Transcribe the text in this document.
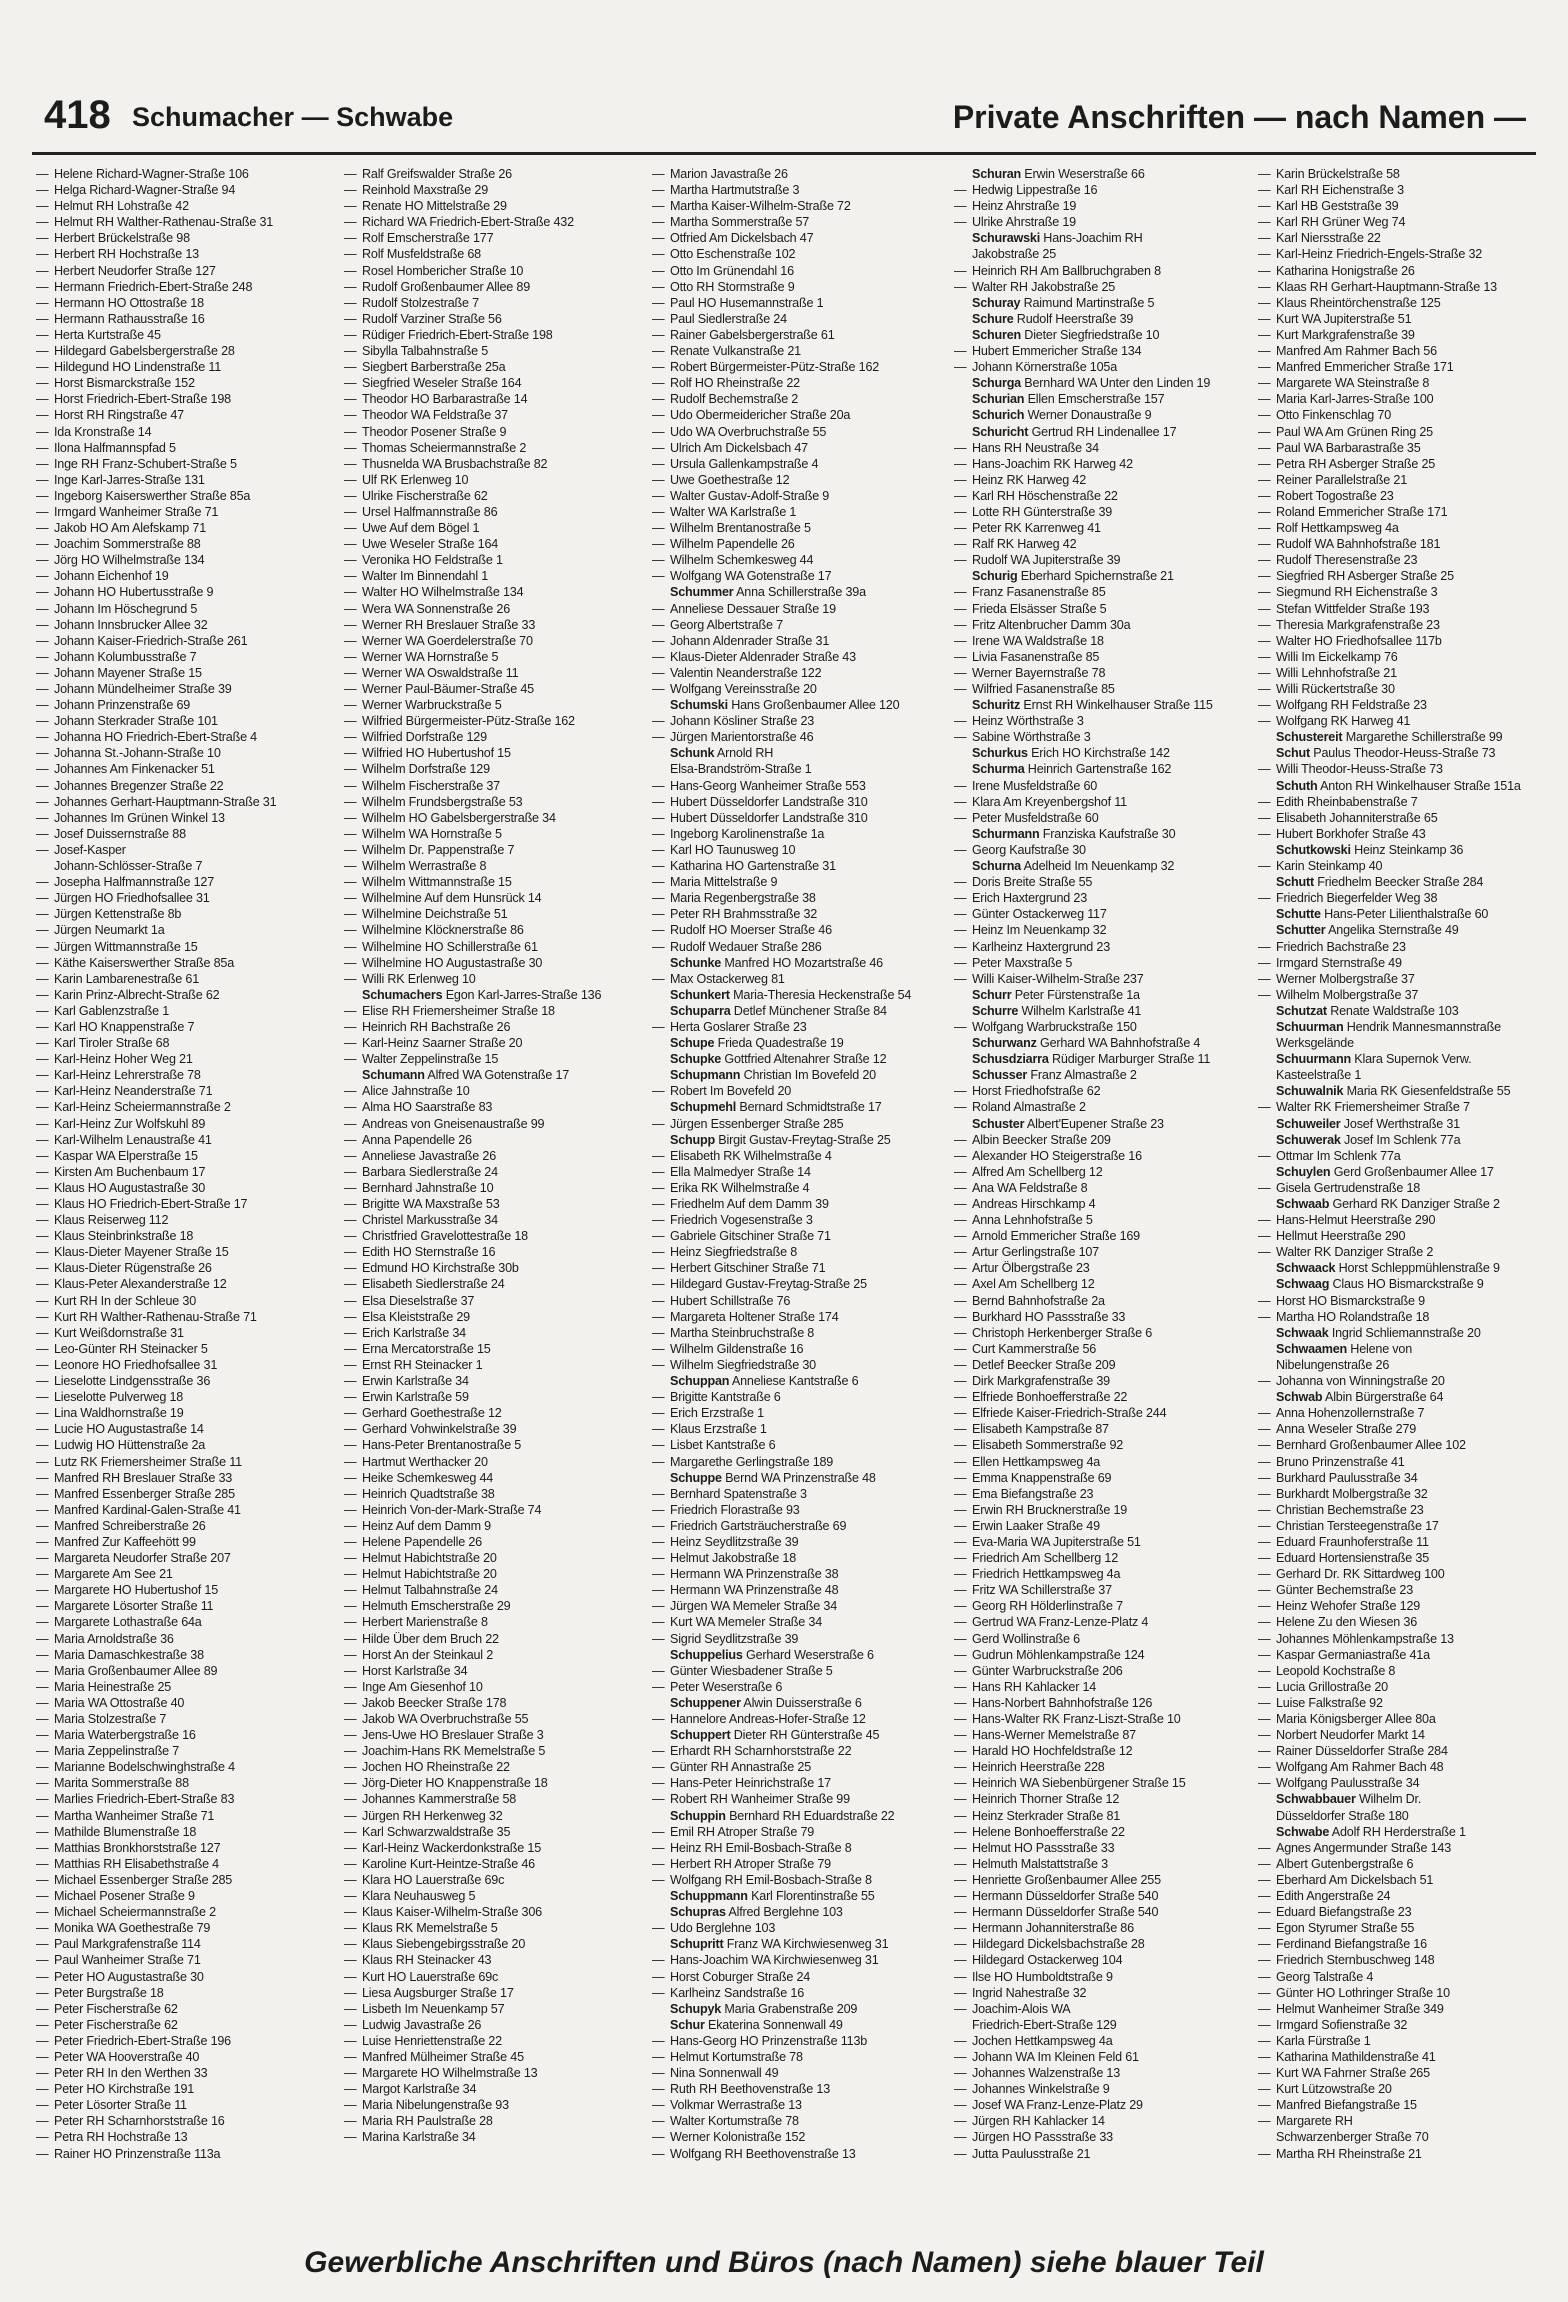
418 Schumacher — Schwabe	Private Anschriften — nach Namen —
— Helene Richard-Wagner-Straße 106
— Helga Richard-Wagner-Straße 94
— Helmut RH Lohstraße 42
— Helmut RH Walther-Rathenau-Straße 31
— Herbert Brückelstraße 98
— Herbert RH Hochstraße 13
— Herbert Neudorfer Straße 127
— Hermann Friedrich-Ebert-Straße 248
— Hermann HO Ottostraße 18
— Hermann Rathausstraße 16
— Herta Kurtstraße 45
— Hildegard Gabelsbergerstraße 28
— Hildegund HO Lindenstraße 11
— Horst Bismarckstraße 152
— Horst Friedrich-Ebert-Straße 198
— Horst RH Ringstraße 47
— Ida Kronstraße 14
— Ilona Halfmannspfad 5
— Inge RH Franz-Schubert-Straße 5
— Inge Karl-Jarres-Straße 131
— Ingeborg Kaiserswerther Straße 85a
— Irmgard Wanheimer Straße 71
— Jakob HO Am Alefskamp 71
— Joachim Sommerstraße 88
— Jörg HO Wilhelmstraße 134
— Johann Eichenhof 19
— Johann HO Hubertusstraße 9
— Johann Im Höschegrund 5
— Johann Innsbrucker Allee 32
— Johann Kaiser-Friedrich-Straße 261
— Johann Kolumbusstraße 7
— Johann Mayener Straße 15
— Johann Mündelheimer Straße 39
— Johann Prinzenstraße 69
— Johann Sterkrader Straße 101
— Johanna HO Friedrich-Ebert-Straße 4
— Johanna St.-Johann-Straße 10
— Johannes Am Finkenacker 51
— Johannes Bregenzer Straße 22
— Johannes Gerhart-Hauptmann-Straße 31
— Johannes Im Grünen Winkel 13
— Josef Duissernstraße 88
— Josef-Kasper
Johann-Schlösser-Straße 7
— Josepha Halfmannstraße 127
— Jürgen HO Friedhofsallee 31
— Jürgen Kettenstraße 8b
— Jürgen Neumarkt 1a
— Jürgen Wittmannstraße 15
— Käthe Kaiserswerther Straße 85a
— Karin Lambarenestraße 61
— Karin Prinz-Albrecht-Straße 62
— Karl Gablenzstraße 1
— Karl HO Knappenstraße 7
— Karl Tiroler Straße 68
— Karl-Heinz Hoher Weg 21
— Karl-Heinz Lehrerstraße 78
— Karl-Heinz Neanderstraße 71
— Karl-Heinz Scheiermannstraße 2
— Karl-Heinz Zur Wolfskuhl 89
— Karl-Wilhelm Lenaustraße 41
— Kaspar WA Elperstraße 15
— Kirsten Am Buchenbaum 17
— Klaus HO Augustastraße 30
— Klaus HO Friedrich-Ebert-Straße 17
— Klaus Reiserweg 112
— Klaus Steinbrinkstraße 18
— Klaus-Dieter Mayener Straße 15
— Klaus-Dieter Rügenstraße 26
— Klaus-Peter Alexanderstraße 12
— Kurt RH In der Schleue 30
— Kurt RH Walther-Rathenau-Straße 71
— Kurt Weißdornstraße 31
— Leo-Günter RH Steinacker 5
— Leonore HO Friedhofsallee 31
— Lieselotte Lindgensstraße 36
— Lieselotte Pulverweg 18
— Lina Waldhornstraße 19
— Lucie HO Augustastraße 14
— Ludwig HO Hüttenstraße 2a
— Lutz RK Friemersheimer Straße 11
— Manfred RH Breslauer Straße 33
— Manfred Essenberger Straße 285
— Manfred Kardinal-Galen-Straße 41
— Manfred Schreiberstraße 26
— Manfred Zur Kaffeehött 99
— Margareta Neudorfer Straße 207
— Margarete Am See 21
— Margarete HO Hubertushof 15
— Margarete Lösorter Straße 11
— Margarete Lothastraße 64a
— Maria Arnoldstraße 36
— Maria Damaschkestraße 38
— Maria Großenbaumer Allee 89
— Maria Heinestraße 25
— Maria WA Ottostraße 40
— Maria Stolzestraße 7
— Maria Waterbergstraße 16
— Maria Zeppelinstraße 7
— Marianne Bodelschwinghstraße 4
— Marita Sommerstraße 88
— Marlies Friedrich-Ebert-Straße 83
— Martha Wanheimer Straße 71
— Mathilde Blumenstraße 18
— Matthias Bronkhorststraße 127
— Matthias RH Elisabethstraße 4
— Michael Essenberger Straße 285
— Michael Posener Straße 9
— Michael Scheiermannstraße 2
— Monika WA Goethestraße 79
— Paul Markgrafenstraße 114
— Paul Wanheimer Straße 71
— Peter HO Augustastraße 30
— Peter Burgstraße 18
— Peter Fischerstraße 62
— Peter Fischerstraße 62
— Peter Friedrich-Ebert-Straße 196
— Peter WA Hooverstraße 40
— Peter RH In den Werthen 33
— Peter HO Kirchstraße 191
— Peter Lösorter Straße 11
— Peter RH Scharnhorststraße 16
— Petra RH Hochstraße 13
— Rainer HO Prinzenstraße 113a
— Ralf Greifswalder Straße 26
— Reinhold Maxstraße 29
— Renate HO Mittelstraße 29
— Richard WA Friedrich-Ebert-Straße 432
— Rolf Emscherstraße 177
— Rolf Musfeldstraße 68
— Rosel Hombericher Straße 10
— Rudolf Großenbaumer Allee 89
— Rudolf Stolzestraße 7
— Rudolf Varziner Straße 56
— Rüdiger Friedrich-Ebert-Straße 198
— Sibylla Talbahnstraße 5
— Siegbert Barberstraße 25a
— Siegfried Weseler Straße 164
— Theodor HO Barbarastraße 14
— Theodor WA Feldstraße 37
— Theodor Posener Straße 9
— Thomas Scheiermannstraße 2
— Thusnelda WA Brusbachstraße 82
— Ulf RK Erlenweg 10
— Ulrike Fischerstraße 62
— Ursel Halfmannstraße 86
— Uwe Auf dem Bögel 1
— Uwe Weseler Straße 164
— Veronika HO Feldstraße 1
— Walter Im Binnendahl 1
— Walter HO Wilhelmstraße 134
— Wera WA Sonnenstraße 26
— Werner RH Breslauer Straße 33
— Werner WA Goerdelerstraße 70
— Werner WA Hornstraße 5
— Werner WA Oswaldstraße 11
— Werner Paul-Bäumer-Straße 45
— Werner Warbruckstraße 5
— Wilfried Bürgermeister-Pütz-Straße 162
— Wilfried Dorfstraße 129
— Wilfried HO Hubertushof 15
— Wilhelm Dorfstraße 129
— Wilhelm Fischerstraße 37
— Wilhelm Frundsbergstraße 53
— Wilhelm HO Gabelsbergerstraße 34
— Wilhelm WA Hornstraße 5
— Wilhelm Dr. Pappenstraße 7
— Wilhelm Werrastraße 8
— Wilhelm Wittmannstraße 15
— Wilhelmine Auf dem Hunsrück 14
— Wilhelmine Deichstraße 51
— Wilhelmine Klöcknerstraße 86
— Wilhelmine HO Schillerstraße 61
— Wilhelmine HO Augustastraße 30
— Willi RK Erlenweg 10
Schumachers Egon Karl-Jarres-Straße 136
— Elise RH Friemersheimer Straße 18
— Heinrich RH Bachstraße 26
— Karl-Heinz Saarner Straße 20
— Walter Zeppelinstraße 15
Schumann Alfred WA Gotenstraße 17
— Alice Jahnstraße 10
— Alma HO Saarstraße 83
— Andreas von Gneisenaustraße 99
— Anna Papendelle 26
— Anneliese Javastraße 26
— Barbara Siedlerstraße 24
— Bernhard Jahnstraße 10
— Brigitte WA Maxstraße 53
— Christel Markusstraße 34
— Christfried Gravelottestraße 18
— Edith HO Sternstraße 16
— Edmund HO Kirchstraße 30b
— Elisabeth Siedlerstraße 24
— Elsa Dieselstraße 37
— Elsa Kleiststraße 29
— Erich Karlstraße 34
— Erna Mercatorstraße 15
— Ernst RH Steinacker 1
— Erwin Karlstraße 34
— Erwin Karlstraße 59
— Gerhard Goethestraße 12
— Gerhard Vohwinkelstraße 39
— Hans-Peter Brentanostraße 5
— Hartmut Werthacker 20
— Heike Schemkesweg 44
— Heinrich Quadtstraße 38
— Heinrich Von-der-Mark-Straße 74
— Heinz Auf dem Damm 9
— Helene Papendelle 26
— Helmut Habichtstraße 20
— Helmut Habichtstraße 20
— Helmut Talbahnstraße 24
— Helmuth Emscherstraße 29
— Herbert Marienstraße 8
— Hilde Über dem Bruch 22
— Horst An der Steinkaul 2
— Horst Karlstraße 34
— Inge Am Giesenhof 10
— Jakob Beecker Straße 178
— Jakob WA Overbruchstraße 55
— Jens-Uwe HO Breslauer Straße 3
— Joachim-Hans RK Memelstraße 5
— Jochen HO Rheinstraße 22
— Jörg-Dieter HO Knappenstraße 18
— Johannes Kammerstraße 58
— Jürgen RH Herkenweg 32
— Karl Schwarzwaldstraße 35
— Karl-Heinz Wackerdonkstraße 15
— Karoline Kurt-Heintze-Straße 46
— Klara HO Lauerstraße 69c
— Klara Neuhausweg 5
— Klaus Kaiser-Wilhelm-Straße 306
— Klaus RK Memelstraße 5
— Klaus Siebengebirgsstraße 20
— Klaus RH Steinacker 43
— Kurt HO Lauerstraße 69c
— Liesa Augsburger Straße 17
— Lisbeth Im Neuenkamp 57
— Ludwig Javastraße 26
— Luise Henriettenstraße 22
— Manfred Mülheimer Straße 45
— Margarete HO Wilhelmstraße 13
— Margot Karlstraße 34
— Maria Nibelungenstraße 93
— Maria RH Paulstraße 28
— Marina Karlstraße 34
— Marion Javastraße 26
— Martha Hartmutstraße 3
— Martha Kaiser-Wilhelm-Straße 72
— Martha Sommerstraße 57
— Otfried Am Dickelsbach 47
— Otto Eschenstraße 102
— Otto Im Grünendahl 16
— Otto RH Stormstraße 9
— Paul HO Husemannstraße 1
— Paul Siedlerstraße 24
— Rainer Gabelsbergerstraße 61
— Renate Vulkanstraße 21
— Robert Bürgermeister-Pütz-Straße 162
— Rolf HO Rheinstraße 22
— Rudolf Bechemstraße 2
— Udo Obermeidericher Straße 20a
— Udo WA Overbruchstraße 55
— Ulrich Am Dickelsbach 47
— Ursula Gallenkampstraße 4
— Uwe Goethestraße 12
— Walter Gustav-Adolf-Straße 9
— Walter WA Karlstraße 1
— Wilhelm Brentanostraße 5
— Wilhelm Papendelle 26
— Wilhelm Schemkesweg 44
— Wolfgang WA Gotenstraße 17
Schummer Anna Schillerstraße 39a
— Anneliese Dessauer Straße 19
— Georg Albertstraße 7
— Johann Aldenrader Straße 31
— Klaus-Dieter Aldenrader Straße 43
— Valentin Neanderstraße 122
— Wolfgang Vereinsstraße 20
Schumski Hans Großenbaumer Allee 120
— Johann Kösliner Straße 23
— Jürgen Marientorstraße 46
Schunk Arnold RH
Elsa-Brandström-Straße 1
— Hans-Georg Wanheimer Straße 553
— Hubert Düsseldorfer Landstraße 310
— Hubert Düsseldorfer Landstraße 310
— Ingeborg Karolinenstraße 1a
— Karl HO Taunusweg 10
— Katharina HO Gartenstraße 31
— Maria Mittelstraße 9
— Maria Regenbergstraße 38
— Peter RH Brahmsstraße 32
— Rudolf HO Moerser Straße 46
— Rudolf Wedauer Straße 286
Schunke Manfred HO Mozartstraße 46
— Max Ostackerweg 81
Schunkert Maria-Theresia Heckenstraße 54
Schuparra Detlef Münchener Straße 84
— Herta Goslarer Straße 23
Schupe Frieda Quadestraße 19
Schupke Gottfried Altenahrer Straße 12
Schupmann Christian Im Bovefeld 20
— Robert Im Bovefeld 20
Schupmehl Bernard Schmidtstraße 17
— Jürgen Essenberger Straße 285
Schupp Birgit Gustav-Freytag-Straße 25
— Elisabeth RK Wilhelmstraße 4
— Ella Malmedyer Straße 14
— Erika RK Wilhelmstraße 4
— Friedhelm Auf dem Damm 39
— Friedrich Vogesenstraße 3
— Gabriele Gitschiner Straße 71
— Heinz Siegfriedstraße 8
— Herbert Gitschiner Straße 71
— Hildegard Gustav-Freytag-Straße 25
— Hubert Schillstraße 76
— Margareta Holtener Straße 174
— Martha Steinbruchstraße 8
— Wilhelm Gildenstraße 16
— Wilhelm Siegfriedstraße 30
Schuppan Anneliese Kantstraße 6
— Brigitte Kantstraße 6
— Erich Erzstraße 1
— Klaus Erzstraße 1
— Lisbet Kantstraße 6
— Margarethe Gerlingstraße 189
Schuppe Bernd WA Prinzenstraße 48
— Bernhard Spatenstraße 3
— Friedrich Florastraße 93
— Friedrich Gartsträucherstraße 69
— Heinz Seydlitzstraße 39
— Helmut Jakobstraße 18
— Hermann WA Prinzenstraße 38
— Hermann WA Prinzenstraße 48
— Jürgen WA Memeler Straße 34
— Kurt WA Memeler Straße 34
— Sigrid Seydlitzstraße 39
Schuppelius Gerhard Weserstraße 6
— Günter Wiesbadener Straße 5
— Peter Weserstraße 6
Schuppener Alwin Duisserstraße 6
— Hannelore Andreas-Hofer-Straße 12
Schuppert Dieter RH Günterstraße 45
— Erhardt RH Scharnhorststraße 22
— Günter RH Annastraße 25
— Hans-Peter Heinrichstraße 17
— Robert RH Wanheimer Straße 99
Schuppin Bernhard RH Eduardstraße 22
— Emil RH Atroper Straße 79
— Heinz RH Emil-Bosbach-Straße 8
— Herbert RH Atroper Straße 79
— Wolfgang RH Emil-Bosbach-Straße 8
Schuppmann Karl Florentinstraße 55
Schupras Alfred Berglehne 103
— Udo Berglehne 103
Schupritt Franz WA Kirchwiesenweg 31
— Hans-Joachim WA Kirchwiesenweg 31
— Horst Coburger Straße 24
— Karlheinz Sandstraße 16
Schupyk Maria Grabenstraße 209
Schur Ekaterina Sonnenwall 49
— Hans-Georg HO Prinzenstraße 113b
— Helmut Kortumstraße 78
— Nina Sonnenwall 49
— Ruth RH Beethovenstraße 13
— Volkmar Werrastraße 13
— Walter Kortumstraße 78
— Werner Kolonistraße 152
— Wolfgang RH Beethovenstraße 13
Schuran Erwin Weserstraße 66
— Hedwig Lippestraße 16
— Heinz Ahrstraße 19
— Ulrike Ahrstraße 19
Schurawski Hans-Joachim RH
Jakobstraße 25
— Heinrich RH Am Ballbruchgraben 8
— Walter RH Jakobstraße 25
Schuray Raimund Martinstraße 5
Schure Rudolf Heerstraße 39
Schuren Dieter Siegfriedstraße 10
— Hubert Emmericher Straße 134
— Johann Körnerstraße 105a
Schurga Bernhard WA Unter den Linden 19
Schurian Ellen Emscherstraße 157
Schurich Werner Donaustraße 9
Schuricht Gertrud RH Lindenallee 17
— Hans RH Neustraße 34
— Hans-Joachim RK Harweg 42
— Heinz RK Harweg 42
— Karl RH Höschenstraße 22
— Lotte RH Günterstraße 39
— Peter RK Karrenweg 41
— Ralf RK Harweg 42
— Rudolf WA Jupiterstraße 39
Schurig Eberhard Spichernstraße 21
— Franz Fasanenstraße 85
— Frieda Elsässer Straße 5
— Fritz Altenbrucher Damm 30a
— Irene WA Waldstraße 18
— Livia Fasanenstraße 85
— Werner Bayernstraße 78
— Wilfried Fasanenstraße 85
Schuritz Ernst RH Winkelhauser Straße 115
— Heinz Wörthstraße 3
— Sabine Wörthstraße 3
Schurkus Erich HO Kirchstraße 142
Schurma Heinrich Gartenstraße 162
— Irene Musfeldstraße 60
— Klara Am Kreyenbergshof 11
— Peter Musfeldstraße 60
Schurmann Franziska Kaufstraße 30
— Georg Kaufstraße 30
Schurna Adelheid Im Neuenkamp 32
— Doris Breite Straße 55
— Erich Haxtergrund 23
— Günter Ostackerweg 117
— Heinz Im Neuenkamp 32
— Karlheinz Haxtergrund 23
— Peter Maxstraße 5
— Willi Kaiser-Wilhelm-Straße 237
Schurr Peter Fürstenstraße 1a
Schurre Wilhelm Karlstraße 41
— Wolfgang Warbruckstraße 150
Schurwanz Gerhard WA Bahnhofstraße 4
Schusdziarra Rüdiger Marburger Straße 11
Schusser Franz Almastraße 2
— Horst Friedhofstraße 62
— Roland Almastraße 2
Schuster Albert'Eupener Straße 23
— Albin Beecker Straße 209
— Alexander HO Steigerstraße 16
— Alfred Am Schellberg 12
— Ana WA Feldstraße 8
— Andreas Hirschkamp 4
— Anna Lehnhofstraße 5
— Arnold Emmericher Straße 169
— Artur Gerlingstraße 107
— Artur Ölbergstraße 23
— Axel Am Schellberg 12
— Bernd Bahnhofstraße 2a
— Burkhard HO Passstraße 33
— Christoph Herkenberger Straße 6
— Curt Kammerstraße 56
— Detlef Beecker Straße 209
— Dirk Markgrafenstraße 39
— Elfriede Bonhoefferstraße 22
— Elfriede Kaiser-Friedrich-Straße 244
— Elisabeth Kampstraße 87
— Elisabeth Sommerstraße 92
— Ellen Hettkampsweg 4a
— Emma Knappenstraße 69
— Ema Biefangstraße 23
— Erwin RH Brucknerstraße 19
— Erwin Laaker Straße 49
— Eva-Maria WA Jupiterstraße 51
— Friedrich Am Schellberg 12
— Friedrich Hettkampsweg 4a
— Fritz WA Schillerstraße 37
— Georg RH Hölderlinstraße 7
— Gertrud WA Franz-Lenze-Platz 4
— Gerd Wollinstraße 6
— Gudrun Möhlenkampstraße 124
— Günter Warbruckstraße 206
— Hans RH Kahlacker 14
— Hans-Norbert Bahnhofstraße 126
— Hans-Walter RK Franz-Liszt-Straße 10
— Hans-Werner Memelstraße 87
— Harald HO Hochfeldstraße 12
— Heinrich Heerstraße 228
— Heinrich WA Siebenbürgener Straße 15
— Heinrich Thorner Straße 12
— Heinz Sterkrader Straße 81
— Helene Bonhoefferstraße 22
— Helmut HO Passstraße 33
— Helmuth Malstattstraße 3
— Henriette Großenbaumer Allee 255
— Hermann Düsseldorfer Straße 540
— Hermann Düsseldorfer Straße 540
— Hermann Johanniterstraße 86
— Hildegard Dickelsbachstraße 28
— Hildegard Ostackerweg 104
— Ilse HO Humboldtstraße 9
— Ingrid Nahestraße 32
— Joachim-Alois WA
Friedrich-Ebert-Straße 129
— Jochen Hettkampsweg 4a
— Johann WA Im Kleinen Feld 61
— Johannes Walzenstraße 13
— Johannes Winkelstraße 9
— Josef WA Franz-Lenze-Platz 29
— Jürgen RH Kahlacker 14
— Jürgen HO Passstraße 33
— Jutta Paulusstraße 21
— Karin Brückelstraße 58
— Karl RH Eichenstraße 3
— Karl HB Geststraße 39
— Karl RH Grüner Weg 74
— Karl Niersstraße 22
— Karl-Heinz Friedrich-Engels-Straße 32
— Katharina Honigstraße 26
— Klaas RH Gerhart-Hauptmann-Straße 13
— Klaus Rheintörchenstraße 125
— Kurt WA Jupiterstraße 51
— Kurt Markgrafenstraße 39
— Manfred Am Rahmer Bach 56
— Manfred Emmericher Straße 171
— Margarete WA Steinstraße 8
— Maria Karl-Jarres-Straße 100
— Otto Finkenschlag 70
— Paul WA Am Grünen Ring 25
— Paul WA Barbarastraße 35
— Petra RH Asberger Straße 25
— Reiner Parallelstraße 21
— Robert Togostraße 23
— Roland Emmericher Straße 171
— Rolf Hettkampsweg 4a
— Rudolf WA Bahnhofstraße 181
— Rudolf Theresenstraße 23
— Siegfried RH Asberger Straße 25
— Siegmund RH Eichenstraße 3
— Stefan Wittfelder Straße 193
— Theresia Markgrafenstraße 23
— Walter HO Friedhofsallee 117b
— Willi Im Eickelkamp 76
— Willi Lehnhofstraße 21
— Willi Rückertstraße 30
— Wolfgang RH Feldstraße 23
— Wolfgang RK Harweg 41
Schustereit Margarethe Schillerstraße 99
Schut Paulus Theodor-Heuss-Straße 73
— Willi Theodor-Heuss-Straße 73
Schuth Anton RH Winkelhauser Straße 151a
— Edith Rheinbabenstraße 7
— Elisabeth Johanniterstraße 65
— Hubert Borkhofer Straße 43
Schutkowski Heinz Steinkamp 36
— Karin Steinkamp 40
Schutt Friedhelm Beecker Straße 284
— Friedrich Biegerfelder Weg 38
Schutte Hans-Peter Lilienthalstraße 60
Schutter Angelika Sternstraße 49
— Friedrich Bachstraße 23
— Irmgard Sternstraße 49
— Werner Molbergstraße 37
— Wilhelm Molbergstraße 37
Schutzat Renate Waldstraße 103
Schuurman Hendrik Mannesmannstraße
Werksgelände
Schuurmann Klara Supernok Verw.
Kasteelstraße 1
Schuwalnik Maria RK Giesenfeldstraße 55
— Walter RK Friemersheimer Straße 7
Schuweiler Josef Werthstraße 31
Schuwerak Josef Im Schlenk 77a
— Ottmar Im Schlenk 77a
Schuylen Gerd Großenbaumer Allee 17
— Gisela Gertrudenstraße 18
Schwaab Gerhard RK Danziger Straße 2
— Hans-Helmut Heerstraße 290
— Hellmut Heerstraße 290
— Walter RK Danziger Straße 2
Schwaack Horst Schleppmühlenstraße 9
Schwaag Claus HO Bismarckstraße 9
— Horst HO Bismarckstraße 9
— Martha HO Rolandstraße 18
Schwaak Ingrid Schliemannstraße 20
Schwaamen Helene von
Nibelungenstraße 26
— Johanna von Winningstraße 20
Schwab Albin Bürgerstraße 64
— Anna Hohenzollernstraße 7
— Anna Weseler Straße 279
— Bernhard Großenbaumer Allee 102
— Bruno Prinzenstraße 41
— Burkhard Paulusstraße 34
— Burkhardt Molbergstraße 32
— Christian Bechemstraße 23
— Christian Tersteegenstraße 17
— Eduard Fraunhoferstraße 11
— Eduard Hortensienstraße 35
— Gerhard Dr. RK Sittardweg 100
— Günter Bechemstraße 23
— Heinz Wehofer Straße 129
— Helene Zu den Wiesen 36
— Johannes Möhlenkampstraße 13
— Kaspar Germaniastraße 41a
— Leopold Kochstraße 8
— Lucia Grillostraße 20
— Luise Falkstraße 92
— Maria Königsberger Allee 80a
— Norbert Neudorfer Markt 14
— Rainer Düsseldorfer Straße 284
— Wolfgang Am Rahmer Bach 48
— Wolfgang Paulusstraße 34
Schwabbauer Wilhelm Dr.
Düsseldorfer Straße 180
Schwabe Adolf RH Herderstraße 1
— Agnes Angermunder Straße 143
— Albert Gutenbergstraße 6
— Eberhard Am Dickelsbach 51
— Edith Angerstraße 24
— Eduard Biefangstraße 23
— Egon Styrumer Straße 55
— Ferdinand Biefangstraße 16
— Friedrich Sternbuschweg 148
— Georg Talstraße 4
— Günter HO Lothringer Straße 10
— Helmut Wanheimer Straße 349
— Irmgard Sofienstraße 32
— Karla Fürstraße 1
— Katharina Mathildenstraße 41
— Kurt WA Fahrner Straße 265
— Kurt Lützowstraße 20
— Manfred Biefangstraße 15
— Margarete RH
Schwarzenberger Straße 70
— Martha RH Rheinstraße 21
Gewerbliche Anschriften und Büros (nach Namen) siehe blauer Teil
